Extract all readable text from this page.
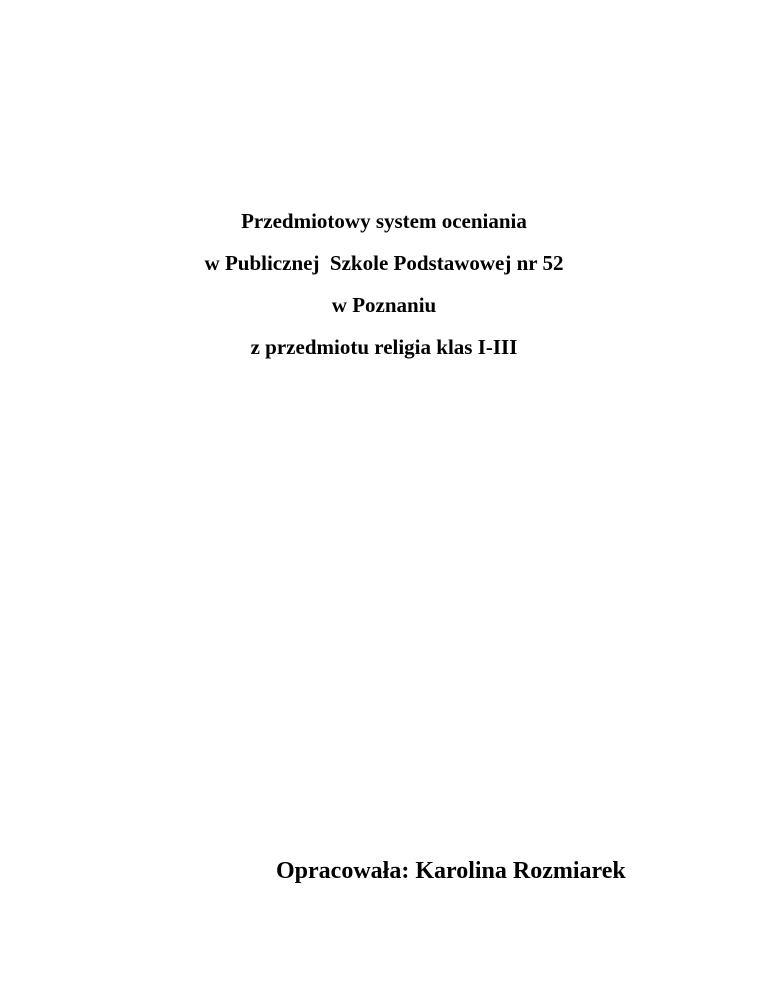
Przedmiotowy system oceniania
w Publicznej  Szkole Podstawowej nr 52
w Poznaniu
z przedmiotu religia klas I-III
Opracowała: Karolina Rozmiarek
